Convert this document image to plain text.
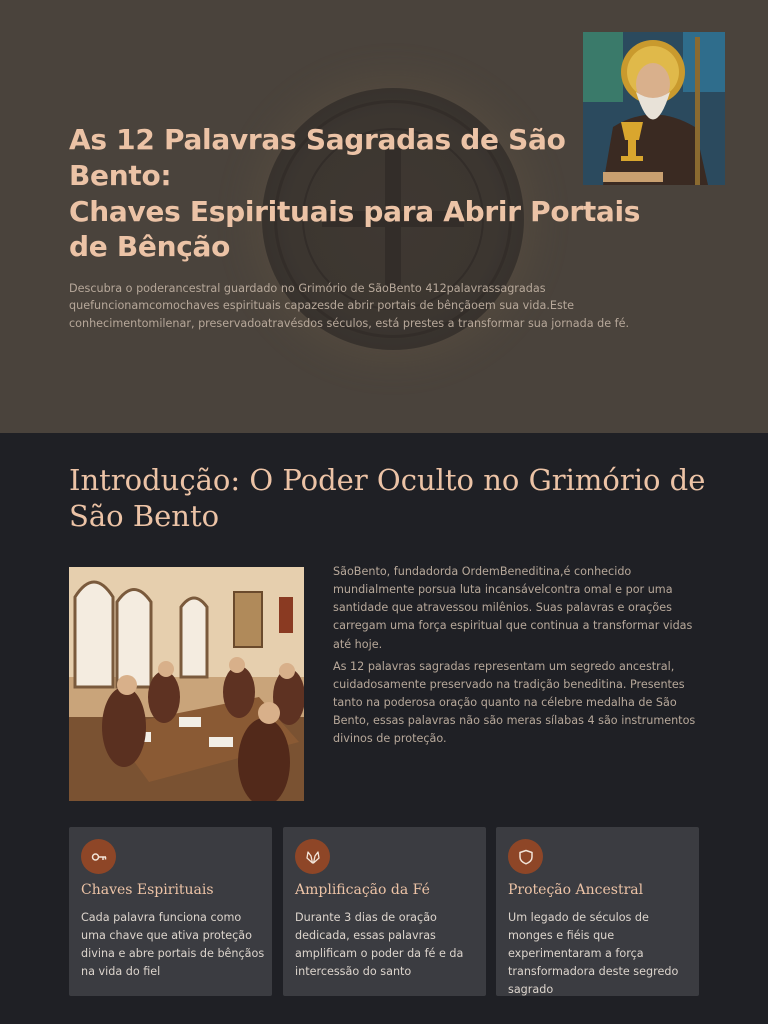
As 12 Palavras Sagradas de São
Bento:
Chaves Espirituais para Abrir Portais
de Bênção

Descubra o poderancestral guardado no Grimório de SãoBento 412palavrassagradas quefuncionamcomochaves espirituais capazesde abrir portais de bênçãoem sua vida.Este conhecimentomilenar, preservadoatravésdos séculos, está prestes a transformar sua jornada de fé.

Introdução: O Poder Oculto no Grimório de São Bento

SãoBento, fundadorda OrdemBeneditina,é conhecido mundialmente porsua luta incansávelcontra omal e por uma santidade que atravessou milênios. Suas palavras e orações carregam uma força espiritual que continua a transformar vidas até hoje.

As 12 palavras sagradas representam um segredo ancestral, cuidadosamente preservado na tradição beneditina. Presentes tanto na poderosa oração quanto na célebre medalha de São Bento, essas palavras não são meras sílabas 4 são instrumentos divinos de proteção.

Chaves Espirituais
Cada palavra funciona como uma chave que ativa proteção divina e abre portais de bênçãos na vida do fiel
Amplificação da Fé
Durante 3 dias de oração dedicada, essas palavras amplificam o poder da fé e da intercessão do santo
Proteção Ancestral
Um legado de séculos de monges e fiéis que experimentaram a força transformadora deste segredo sagrado
